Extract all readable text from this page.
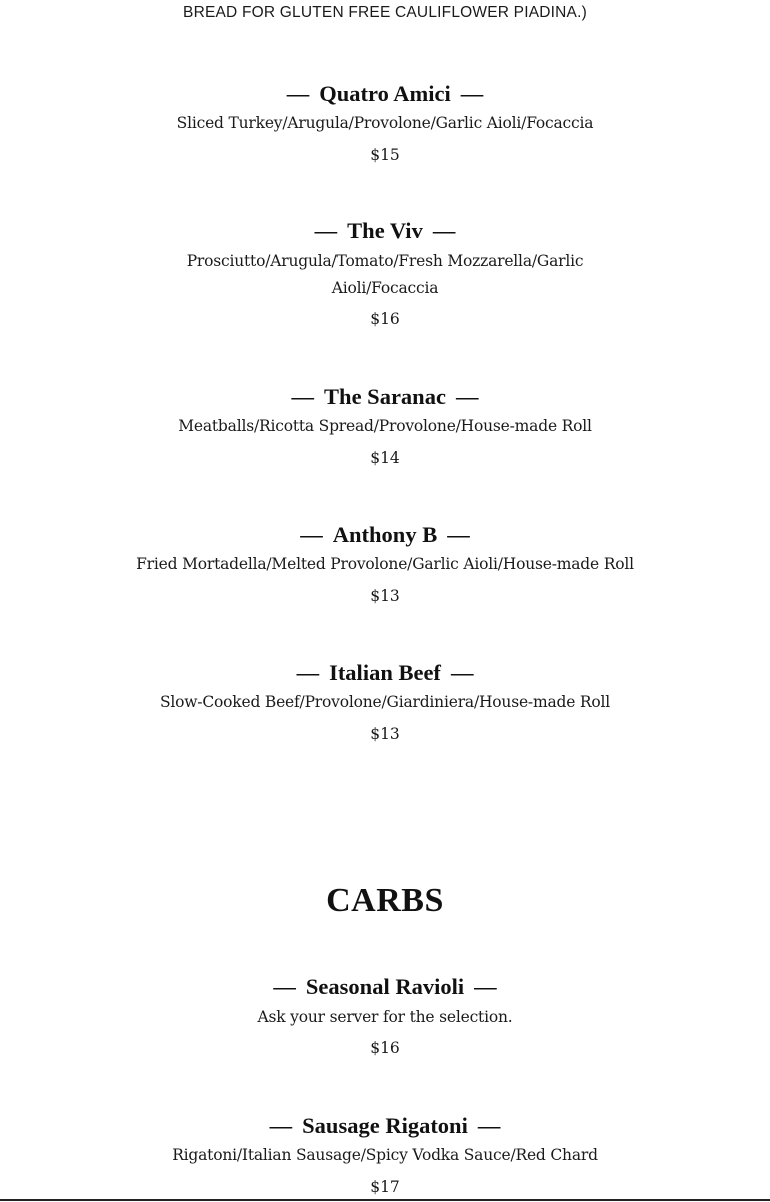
BREAD FOR GLUTEN FREE CAULIFLOWER PIADINA.)
— Quatro Amici —
Sliced Turkey/Arugula/Provolone/Garlic Aioli/Focaccia
$15
— The Viv —
Prosciutto/Arugula/Tomato/Fresh Mozzarella/Garlic Aioli/Focaccia
$16
— The Saranac —
Meatballs/Ricotta Spread/Provolone/House-made Roll
$14
— Anthony B —
Fried Mortadella/Melted Provolone/Garlic Aioli/House-made Roll
$13
— Italian Beef —
Slow-Cooked Beef/Provolone/Giardiniera/House-made Roll
$13
CARBS
— Seasonal Ravioli —
Ask your server for the selection.
$16
— Sausage Rigatoni —
Rigatoni/Italian Sausage/Spicy Vodka Sauce/Red Chard
$17
